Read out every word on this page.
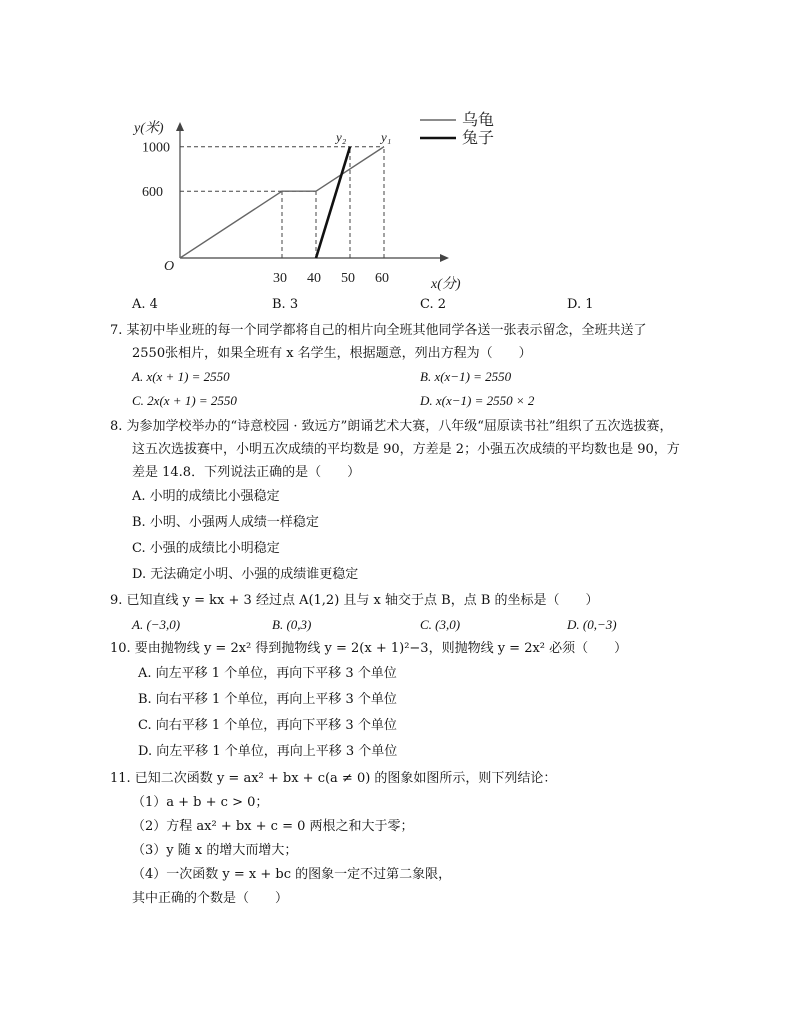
y(米)
x(分)
O
600
1000
30 40 50 60
y₁
y₂
乌龟
兔子
A. 4	B. 3	C. 2	D. 1
7. 某初中毕业班的每一个同学都将自己的相片向全班其他同学各送一张表示留念，全班共送了
2550张相片，如果全班有 x 名学生，根据题意，列出方程为（　　）
A. x(x + 1) = 2550	B. x(x−1) = 2550
C. 2x(x + 1) = 2550	D. x(x−1) = 2550 × 2
8. 为参加学校举办的“诗意校园 · 致远方”朗诵艺术大赛，八年级“屈原读书社”组织了五次选拔赛，
这五次选拔赛中，小明五次成绩的平均数是 90，方差是 2；小强五次成绩的平均数也是 90，方
差是 14.8．下列说法正确的是（　　）
A. 小明的成绩比小强稳定
B. 小明、小强两人成绩一样稳定
C. 小强的成绩比小明稳定
D. 无法确定小明、小强的成绩谁更稳定
9. 已知直线 y = kx + 3 经过点 A(1,2) 且与 x 轴交于点 B，点 B 的坐标是（　　）
A. (−3,0)	B. (0,3)	C. (3,0)	D. (0,−3)
10. 要由抛物线 y = 2x² 得到抛物线 y = 2(x + 1)²−3，则抛物线 y = 2x² 必须（　　）
A. 向左平移 1 个单位，再向下平移 3 个单位
B. 向右平移 1 个单位，再向上平移 3 个单位
C. 向右平移 1 个单位，再向下平移 3 个单位
D. 向左平移 1 个单位，再向上平移 3 个单位
11. 已知二次函数 y = ax² + bx + c(a ≠ 0) 的图象如图所示，则下列结论：
（1）a + b + c > 0；
（2）方程 ax² + bx + c = 0 两根之和大于零；
（3）y 随 x 的增大而增大；
（4）一次函数 y = x + bc 的图象一定不过第二象限，
其中正确的个数是（　　）
